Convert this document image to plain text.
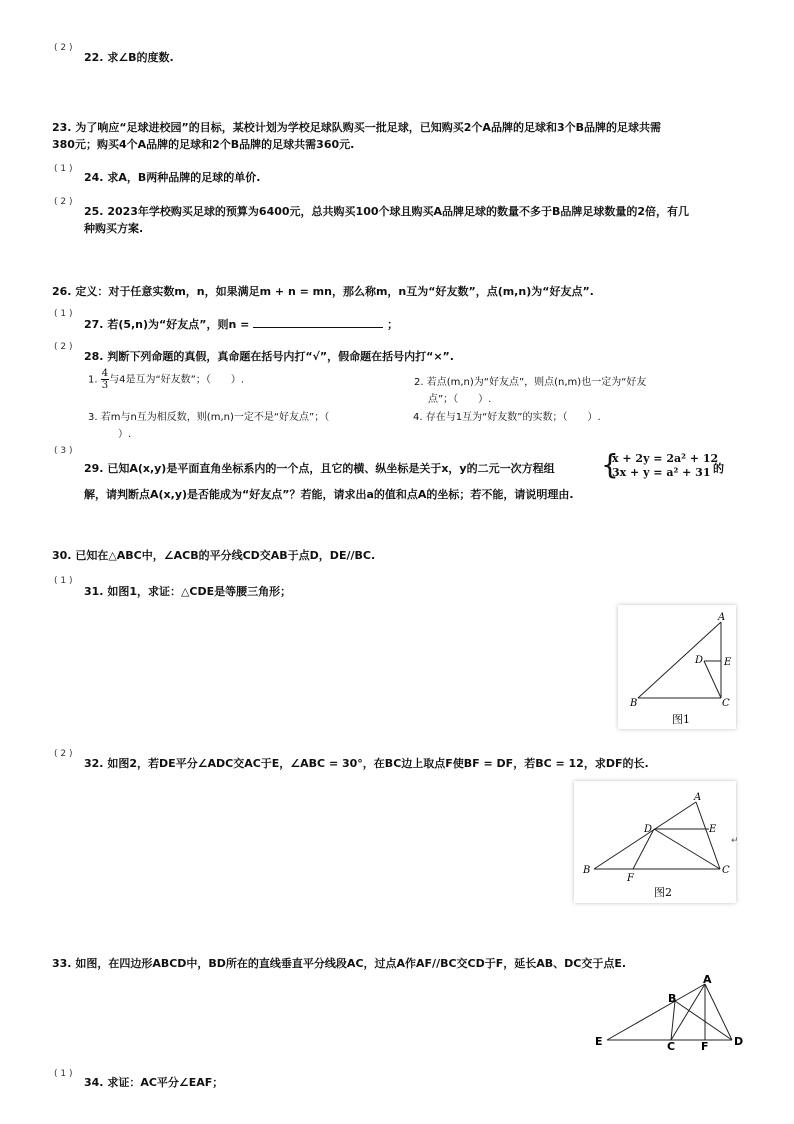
( 2 )
22. 求∠B的度数.
23. 为了响应“足球进校园”的目标，某校计划为学校足球队购买一批足球，已知购买2个A品牌的足球和3个B品牌的足球共需
380元；购买4个A品牌的足球和2个B品牌的足球共需360元.
( 1 )
24. 求A，B两种品牌的足球的单价.
( 2 )
25. 2023年学校购买足球的预算为6400元，总共购买100个球且购买A品牌足球的数量不多于B品牌足球数量的2倍，有几
种购买方案.
26. 定义：对于任意实数m，n，如果满足m + n = mn，那么称m，n互为“好友数”，点(m,n)为“好友点”.
( 1 )
27. 若(5,n)为“好友点”，则n =	；
( 2 )
28. 判断下列命题的真假，真命题在括号内打“√”，假命题在括号内打“×”.
1. $\frac{4}{3}$ 与4是互为“好友数”；（　　）.	2. 若点(m,n)为“好友点”，则点(n,m)也一定为“好友
点”；（　　）.
3. 若m与n互为相反数，则(m,n)一定不是“好友点”；（
）.
4. 存在与1互为“好友数”的实数；（　　）.
( 3 )
29. 已知A(x,y)是平面直角坐标系内的一个点，且它的横、纵坐标是关于x，y的二元一次方程组 {
x + 2y = 2a² + 12
3x + y = a² + 31 的
解，请判断点A(x,y)是否能成为“好友点”？若能，请求出a的值和点A的坐标；若不能，请说明理由.
30. 已知在△ABC中，∠ACB的平分线CD交AB于点D，DE//BC.
( 1 )
31. 如图1，求证：△CDE是等腰三角形；
A
B	C
D E
图1
( 2 )
32. 如图2，若DE平分∠ADC交AC于E，∠ABC = 30°，在BC边上取点F使BF = DF，若BC = 12，求DF的长.
A
B	C
D	E
F
图2
↵
33. 如图，在四边形ABCD中，BD所在的直线垂直平分线段AC，过点A作AF//BC交CD于F，延长AB、DC交于点E.
A
B
C	D
E	F
( 1 )
34. 求证：AC平分∠EAF；
